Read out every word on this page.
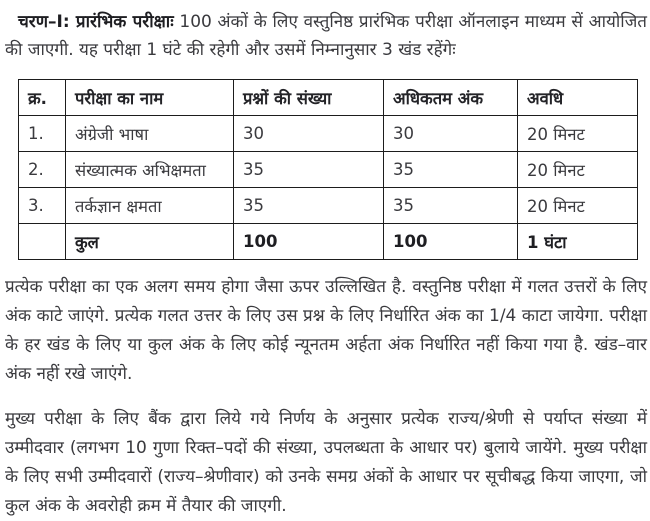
चरण–I: प्रारंभिक परीक्षाः 100 अंकों के लिए वस्तुनिष्ठ प्रारंभिक परीक्षा ऑनलाइन माध्यम सें आयोजित की जाएगी. यह परीक्षा 1 घंटे की रहेगी और उसमें निम्नानुसार 3 खंड रहेंगेः

क्र.	परीक्षा का नाम	प्रश्नों की संख्या	अधिकतम अंक	अवधि
1.	अंग्रेजी भाषा	30	30	20 मिनट
2.	संख्यात्मक अभिक्षमता	35	35	20 मिनट
3.	तर्कज्ञान क्षमता	35	35	20 मिनट
	कुल	100	100	1 घंटा

प्रत्येक परीक्षा का एक अलग समय होगा जैसा ऊपर उल्लिखित है. वस्तुनिष्ठ परीक्षा में गलत उत्तरों के लिए अंक काटे जाएंगे. प्रत्येक गलत उत्तर के लिए उस प्रश्न के लिए निर्धारित अंक का 1/4 काटा जायेगा. परीक्षा के हर खंड के लिए या कुल अंक के लिए कोई न्यूनतम अर्हता अंक निर्धारित नहीं किया गया है. खंड–वार अंक नहीं रखे जाएंगे.

मुख्य परीक्षा के लिए बैंक द्वारा लिये गये निर्णय के अनुसार प्रत्येक राज्य/श्रेणी से पर्याप्त संख्या में उम्मीदवार (लगभग 10 गुणा रिक्त–पदों की संख्या, उपलब्धता के आधार पर) बुलाये जायेंगे. मुख्य परीक्षा के लिए सभी उम्मीदवारों (राज्य–श्रेणीवार) को उनके समग्र अंकों के आधार पर सूचीबद्ध किया जाएगा, जो कुल अंक के अवरोही क्रम में तैयार की जाएगी.
